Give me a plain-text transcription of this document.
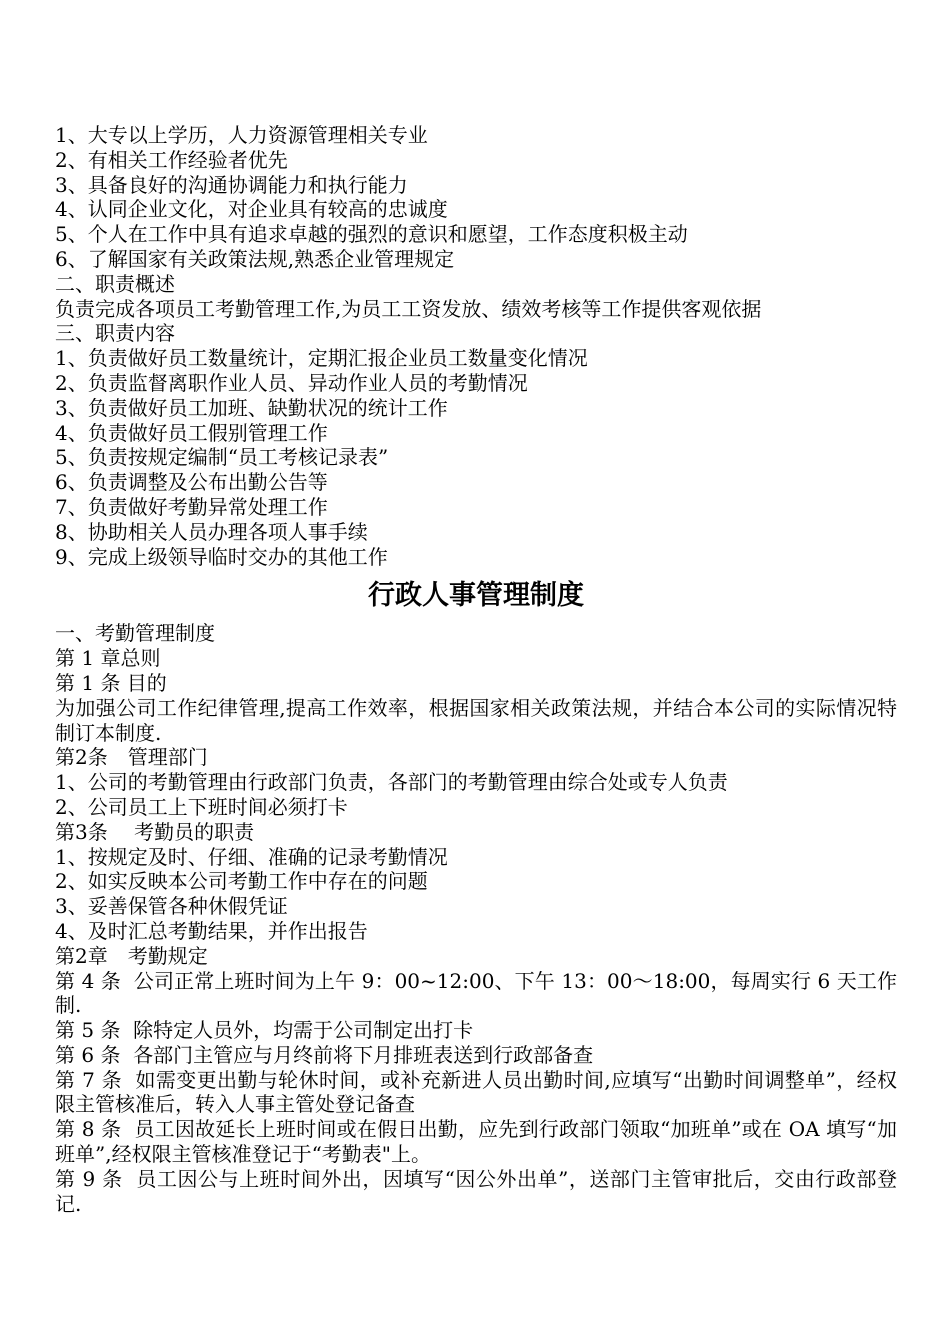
1、大专以上学历，人力资源管理相关专业

2、有相关工作经验者优先

3、具备良好的沟通协调能力和执行能力

4、认同企业文化，对企业具有较高的忠诚度

5、个人在工作中具有追求卓越的强烈的意识和愿望，工作态度积极主动

6、了解国家有关政策法规,熟悉企业管理规定

二、职责概述

负责完成各项员工考勤管理工作,为员工工资发放、绩效考核等工作提供客观依据

三、职责内容

1、负责做好员工数量统计，定期汇报企业员工数量变化情况

2、负责监督离职作业人员、异动作业人员的考勤情况

3、负责做好员工加班、缺勤状况的统计工作

4、负责做好员工假别管理工作

5、负责按规定编制“员工考核记录表”

6、负责调整及公布出勤公告等

7、负责做好考勤异常处理工作

8、协助相关人员办理各项人事手续

9、完成上级领导临时交办的其他工作

行政人事管理制度

一、考勤管理制度

第 1 章总则

第 1 条 目的

为加强公司工作纪律管理,提高工作效率，根据国家相关政策法规，并结合本公司的实际情况特制订本制度.

第2条　管理部门

1、公司的考勤管理由行政部门负责，各部门的考勤管理由综合处或专人负责

2、公司员工上下班时间必须打卡

第3条　 考勤员的职责

1、按规定及时、仔细、准确的记录考勤情况

2、如实反映本公司考勤工作中存在的问题

3、妥善保管各种休假凭证

4、及时汇总考勤结果，并作出报告

第2章　考勤规定

第 4 条  公司正常上班时间为上午 9：00~12:00、下午 13：00～18:00，每周实行 6 天工作制.

第 5 条  除特定人员外，均需于公司制定出打卡

第 6 条  各部门主管应与月终前将下月排班表送到行政部备查

第 7 条  如需变更出勤与轮休时间，或补充新进人员出勤时间,应填写“出勤时间调整单”，经权限主管核准后，转入人事主管处登记备查

第 8 条  员工因故延长上班时间或在假日出勤，应先到行政部门领取“加班单”或在 OA 填写“加班单”,经权限主管核准登记于“考勤表"上。

第 9 条  员工因公与上班时间外出，因填写“因公外出单”，送部门主管审批后，交由行政部登记.
